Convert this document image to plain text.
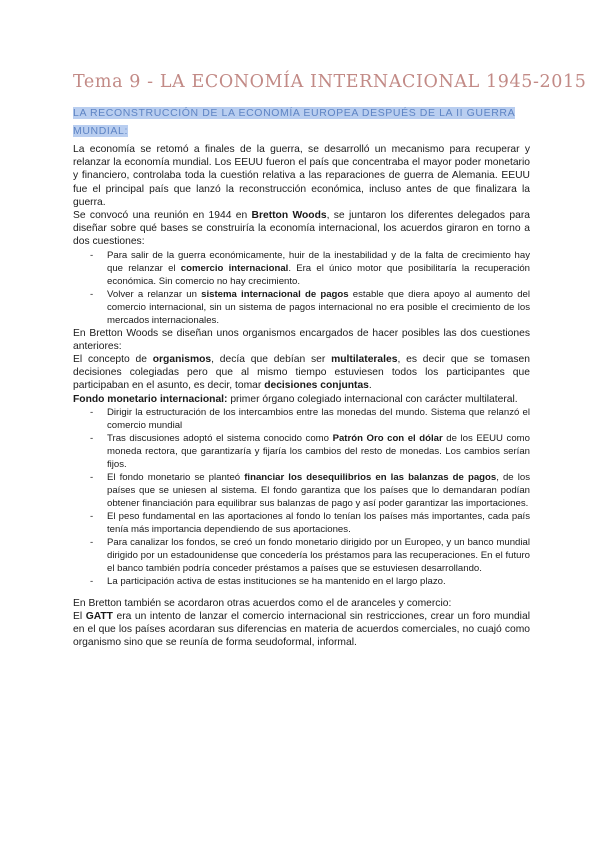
Tema 9 - LA ECONOMÍA INTERNACIONAL 1945-2015
LA RECONSTRUCCIÓN DE LA ECONOMÍA EUROPEA DESPUÉS DE LA II GUERRA MUNDIAL:

La economía se retomó a finales de la guerra, se desarrolló un mecanismo para recuperar y relanzar la economía mundial. Los EEUU fueron el país que concentraba el mayor poder monetario y financiero, controlaba toda la cuestión relativa a las reparaciones de guerra de Alemania. EEUU fue el principal país que lanzó la reconstrucción económica, incluso antes de que finalizara la guerra.

Se convocó una reunión en 1944 en Bretton Woods, se juntaron los diferentes delegados para diseñar sobre qué bases se construiría la economía internacional, los acuerdos giraron en torno a dos cuestiones:

- Para salir de la guerra económicamente, huir de la inestabilidad y de la falta de crecimiento hay que relanzar el comercio internacional. Era el único motor que posibilitaría la recuperación económica. Sin comercio no hay crecimiento.
- Volver a relanzar un sistema internacional de pagos estable que diera apoyo al aumento del comercio internacional, sin un sistema de pagos internacional no era posible el crecimiento de los mercados internacionales.

En Bretton Woods se diseñan unos organismos encargados de hacer posibles las dos cuestiones anteriores:

El concepto de organismos, decía que debían ser multilaterales, es decir que se tomasen decisiones colegiadas pero que al mismo tiempo estuviesen todos los participantes que participaban en el asunto, es decir, tomar decisiones conjuntas.

Fondo monetario internacional: primer órgano colegiado internacional con carácter multilateral.

- Dirigir la estructuración de los intercambios entre las monedas del mundo. Sistema que relanzó el comercio mundial
- Tras discusiones adoptó el sistema conocido como Patrón Oro con el dólar de los EEUU como moneda rectora, que garantizaría y fijaría los cambios del resto de monedas. Los cambios serían fijos.
- El fondo monetario se planteó financiar los desequilibrios en las balanzas de pagos, de los países que se uniesen al sistema. El fondo garantiza que los países que lo demandaran podían obtener financiación para equilibrar sus balanzas de pago y así poder garantizar las importaciones.
- El peso fundamental en las aportaciones al fondo lo tenían los países más importantes, cada país tenía más importancia dependiendo de sus aportaciones.
- Para canalizar los fondos, se creó un fondo monetario dirigido por un Europeo, y un banco mundial dirigido por un estadounidense que concedería los préstamos para las recuperaciones. En el futuro el banco también podría conceder préstamos a países que se estuviesen desarrollando.
- La participación activa de estas instituciones se ha mantenido en el largo plazo.

En Bretton también se acordaron otras acuerdos como el de aranceles y comercio:

El GATT era un intento de lanzar el comercio internacional sin restricciones, crear un foro mundial en el que los países acordaran sus diferencias en materia de acuerdos comerciales, no cuajó como organismo sino que se reunía de forma seudoformal, informal.
